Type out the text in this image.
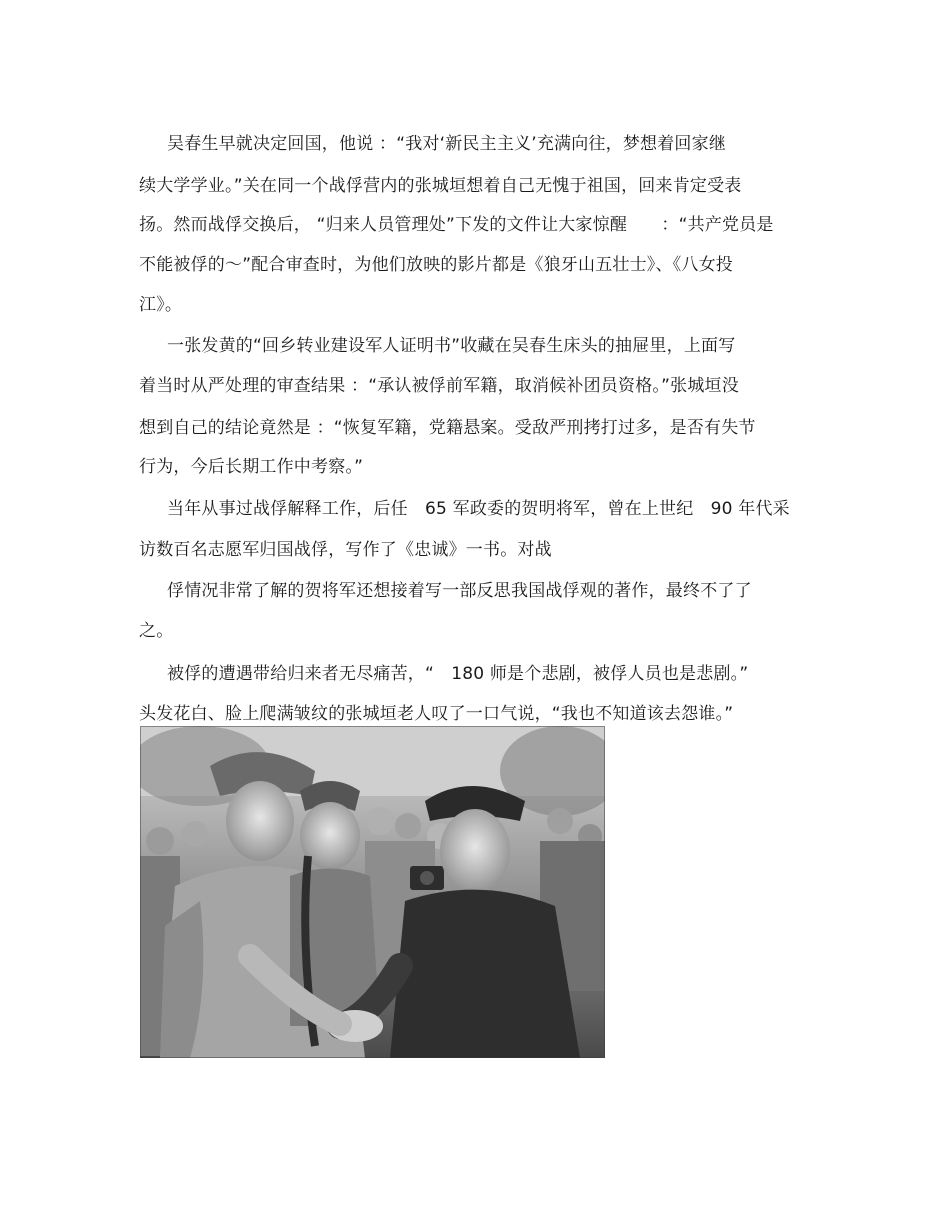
吴春生早就决定回国，他说 ：“我对‘新民主主义’充满向往，梦想着回家继
续大学学业。”关在同一个战俘营内的张城垣想着自己无愧于祖国，回来肯定受表
扬。然而战俘交换后， “归来人员管理处”下发的文件让大家惊醒　　：“共产党员是
不能被俘的～”配合审查时，为他们放映的影片都是《狼牙山五壮士》、《八女投
江》。
一张发黄的“回乡转业建设军人证明书”收藏在吴春生床头的抽屉里，上面写
着当时从严处理的审查结果 ：“承认被俘前军籍，取消候补团员资格。”张城垣没
想到自己的结论竟然是 ：“恢复军籍，党籍悬案。受敌严刑拷打过多，是否有失节
行为，今后长期工作中考察。”
当年从事过战俘解释工作，后任　65 军政委的贺明将军，曾在上世纪　90 年代采
访数百名志愿军归国战俘，写作了《忠诚》一书。对战
俘情况非常了解的贺将军还想接着写一部反思我国战俘观的著作，最终不了了
之。
被俘的遭遇带给归来者无尽痛苦，“　180 师是个悲剧，被俘人员也是悲剧。”
头发花白、脸上爬满皱纹的张城垣老人叹了一口气说，“我也不知道该去怨谁。”
